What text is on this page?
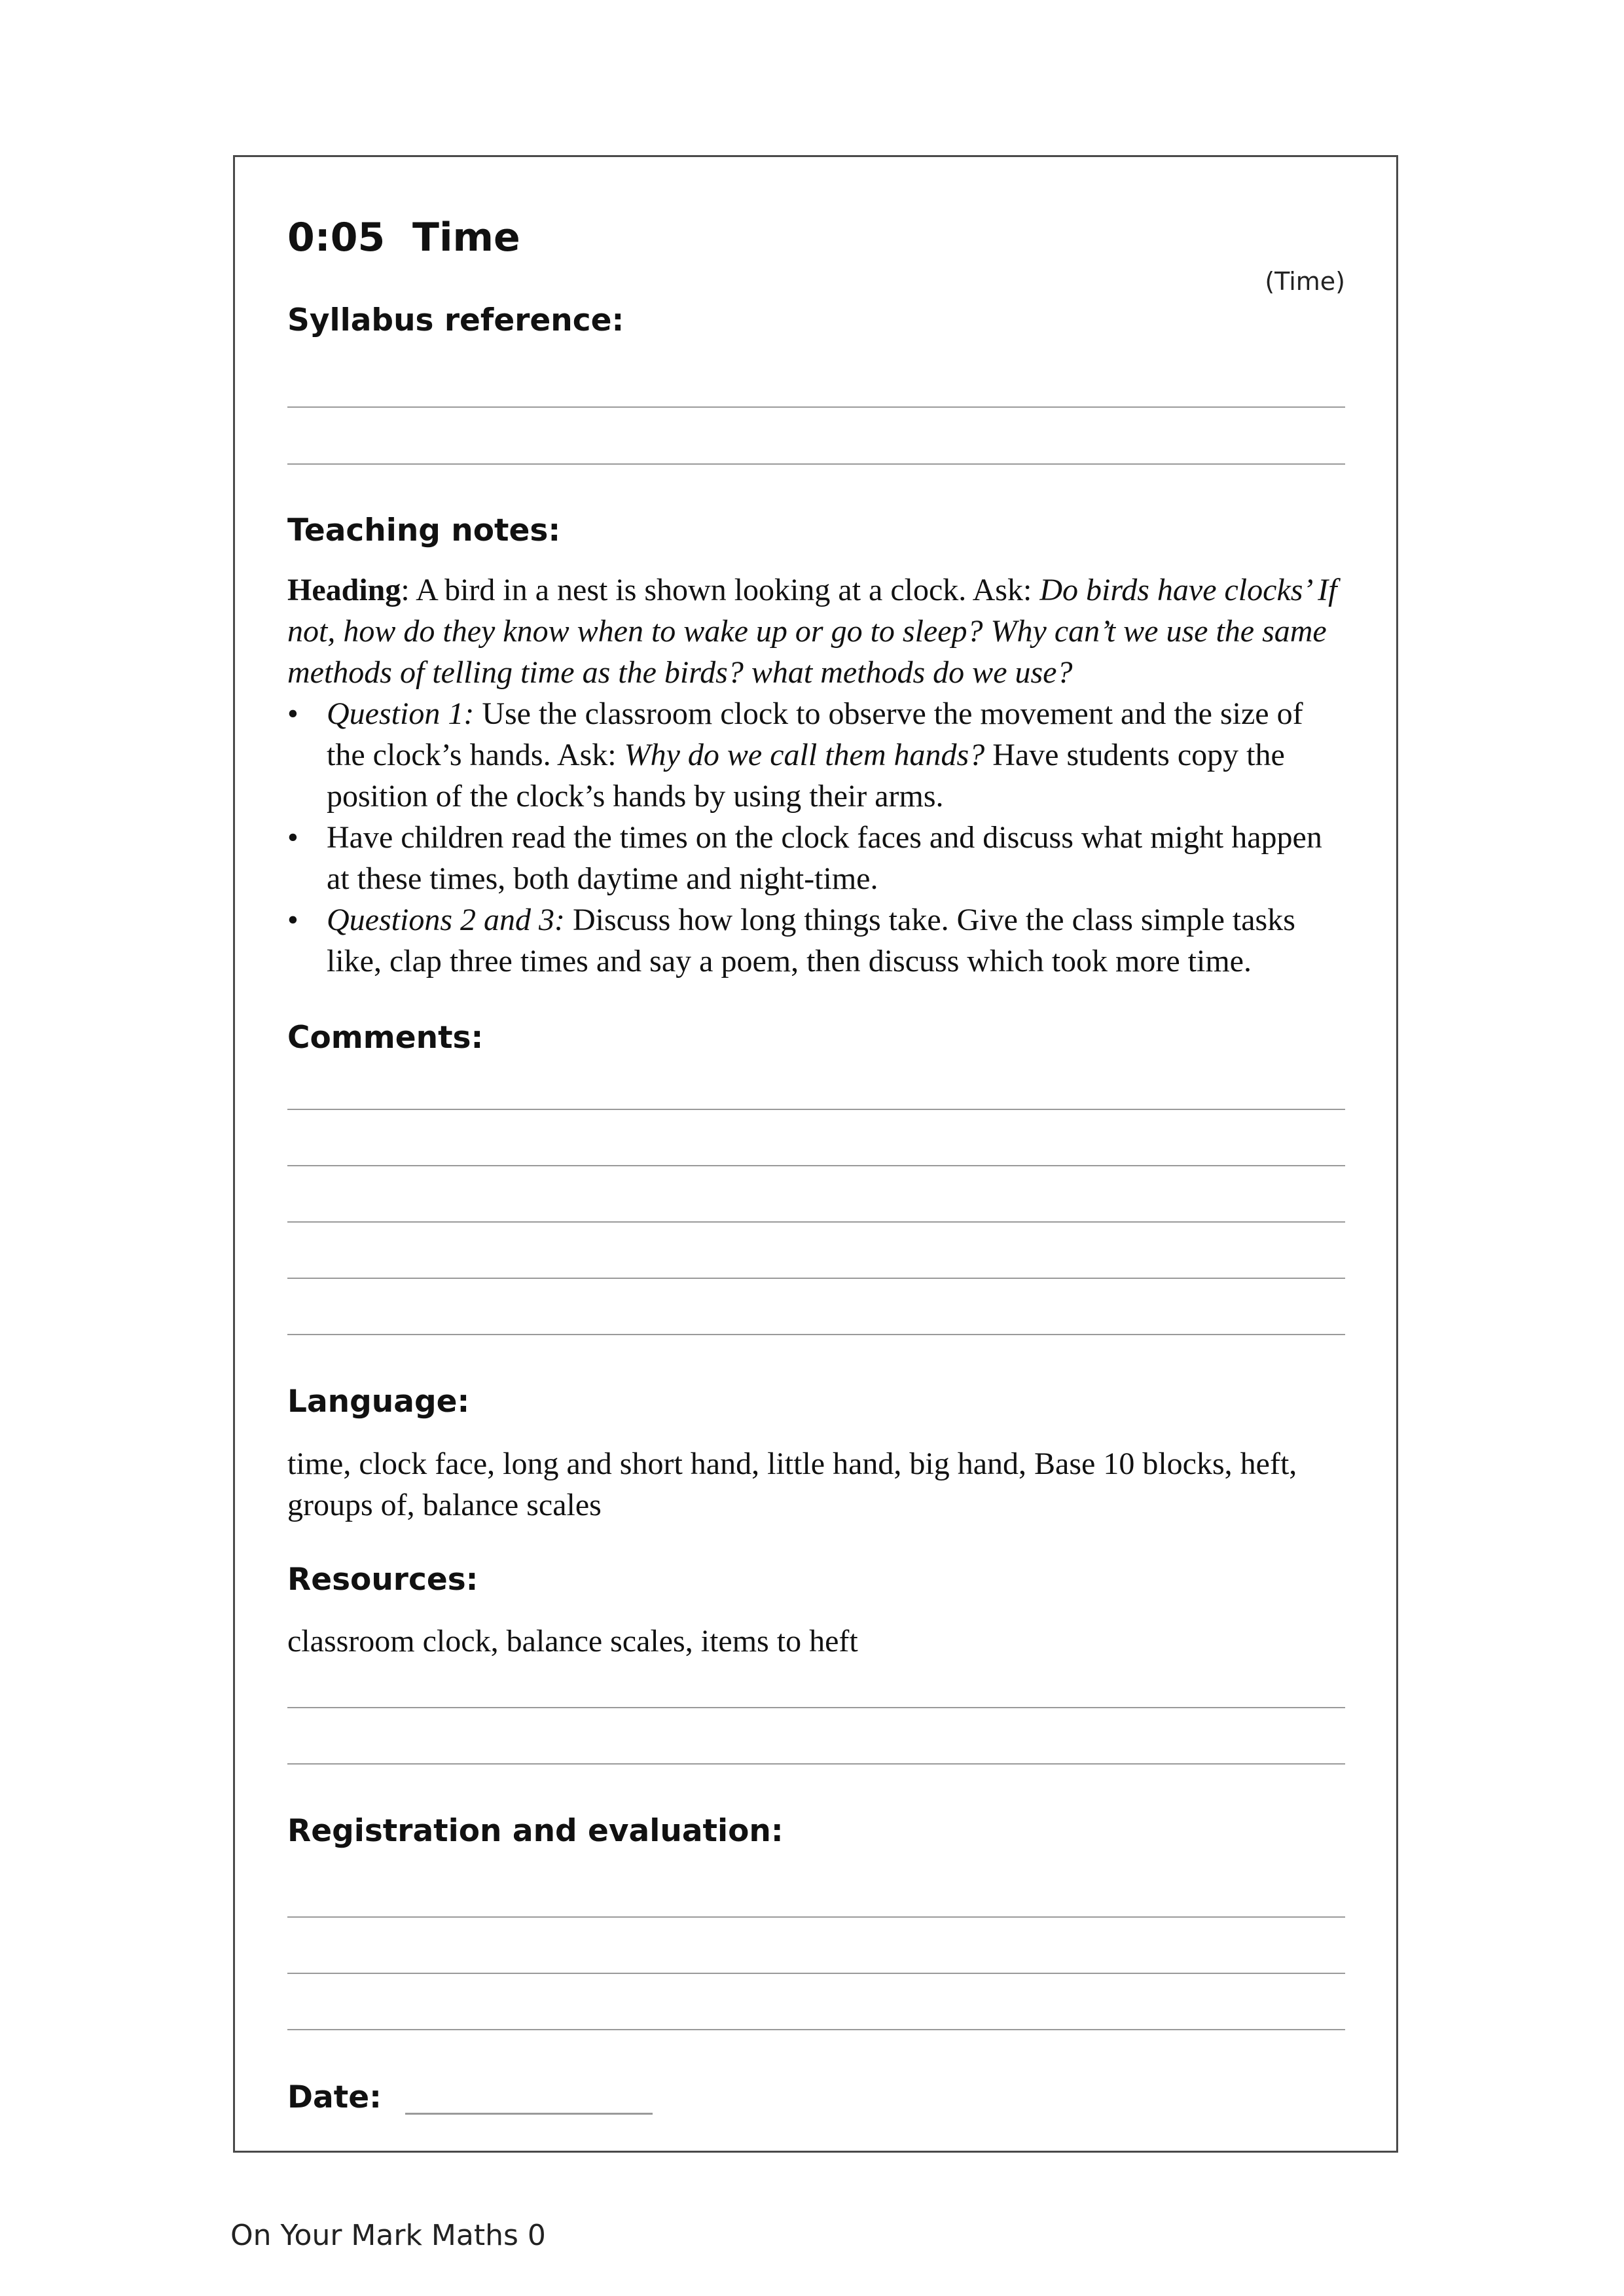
0:05  Time
(Time)
Syllabus reference:
Teaching notes:

Heading: A bird in a nest is shown looking at a clock. Ask: Do birds have clocks’ If not, how do they know when to wake up or go to sleep? Why can’t we use the same methods of telling time as the birds? what methods do we use?

• Question 1: Use the classroom clock to observe the movement and the size of the clock’s hands. Ask: Why do we call them hands? Have students copy the position of the clock’s hands by using their arms.
• Have children read the times on the clock faces and discuss what might happen at these times, both daytime and night-time.
• Questions 2 and 3: Discuss how long things take. Give the class simple tasks like, clap three times and say a poem, then discuss which took more time.
Comments:
Language:
time, clock face, long and short hand, little hand, big hand, Base 10 blocks, heft, groups of, balance scales
Resources:
classroom clock, balance scales, items to heft
Registration and evaluation:
Date:
On Your Mark Maths 0
